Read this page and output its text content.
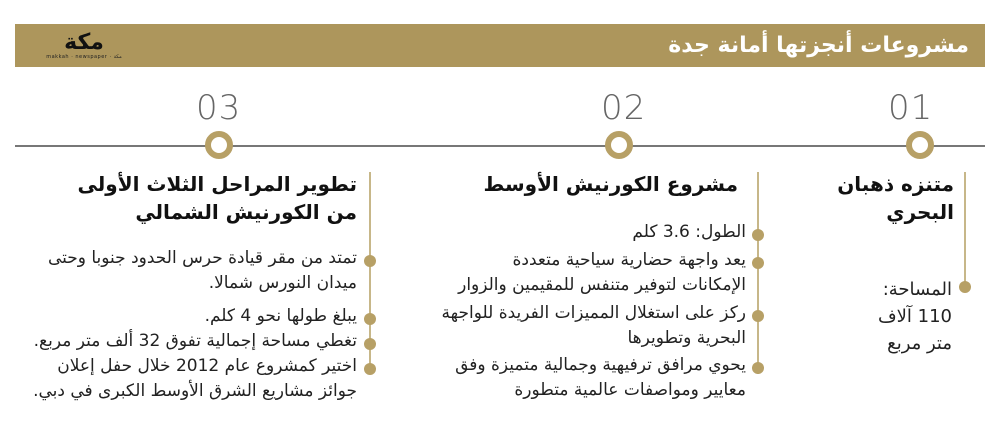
مكة
makkah · newspaper · مكة	مشروعات أنجزتها أمانة جدة
01
02
03
متنزه ذهبان
البحري
المساحة:
110 آلاف
متر مربع
مشروع الكورنيش الأوسط
الطول: 3.6 كلم
يعد واجهة حضارية سياحية متعددة
الإمكانات لتوفير متنفس للمقيمين والزوار
ركز على استغلال المميزات الفريدة للواجهة
البحرية وتطويرها
يحوي مرافق ترفيهية وجمالية متميزة وفق
معايير ومواصفات عالمية متطورة
تطوير المراحل الثلاث الأولى
من الكورنيش الشمالي
تمتد من مقر قيادة حرس الحدود جنوبا وحتى
ميدان النورس شمالا.
يبلغ طولها نحو 4 كلم.
تغطي مساحة إجمالية تفوق 32 ألف متر مربع.
اختير كمشروع عام 2012 خلال حفل إعلان
جوائز مشاريع الشرق الأوسط الكبرى في دبي.
